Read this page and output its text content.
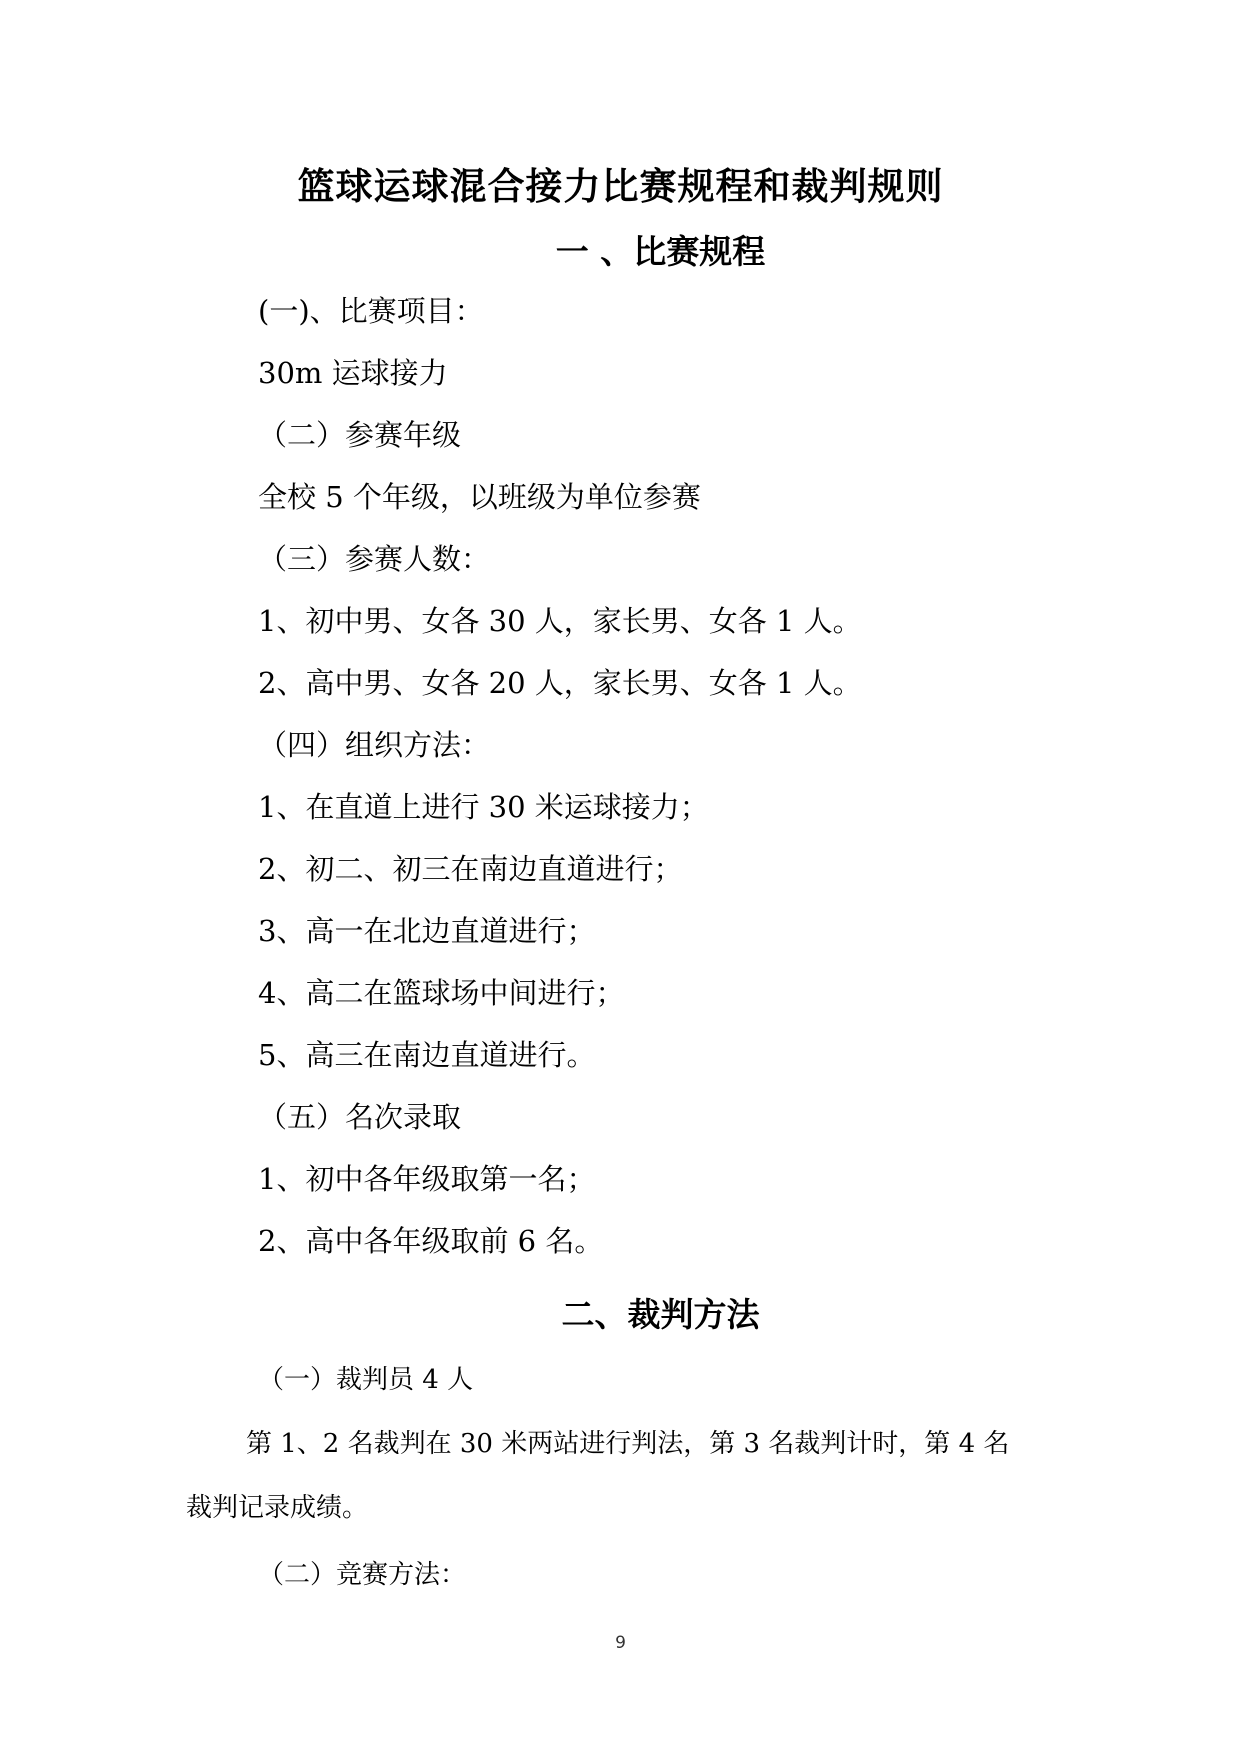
篮球运球混合接力比赛规程和裁判规则
一 、比赛规程

(一)、比赛项目：

30m 运球接力

（二）参赛年级

全校 5 个年级，以班级为单位参赛

（三）参赛人数：

1、初中男、女各 30 人，家长男、女各 1 人。

2、高中男、女各 20 人，家长男、女各 1 人。

（四）组织方法：

1、在直道上进行 30 米运球接力；

2、初二、初三在南边直道进行；

3、高一在北边直道进行；

4、高二在篮球场中间进行；

5、高三在南边直道进行。

（五）名次录取

1、初中各年级取第一名；

2、高中各年级取前 6 名。

二、裁判方法

（一）裁判员 4 人

第 1、2 名裁判在 30 米两站进行判法，第 3 名裁判计时，第 4 名

裁判记录成绩。

（二）竞赛方法：

9
